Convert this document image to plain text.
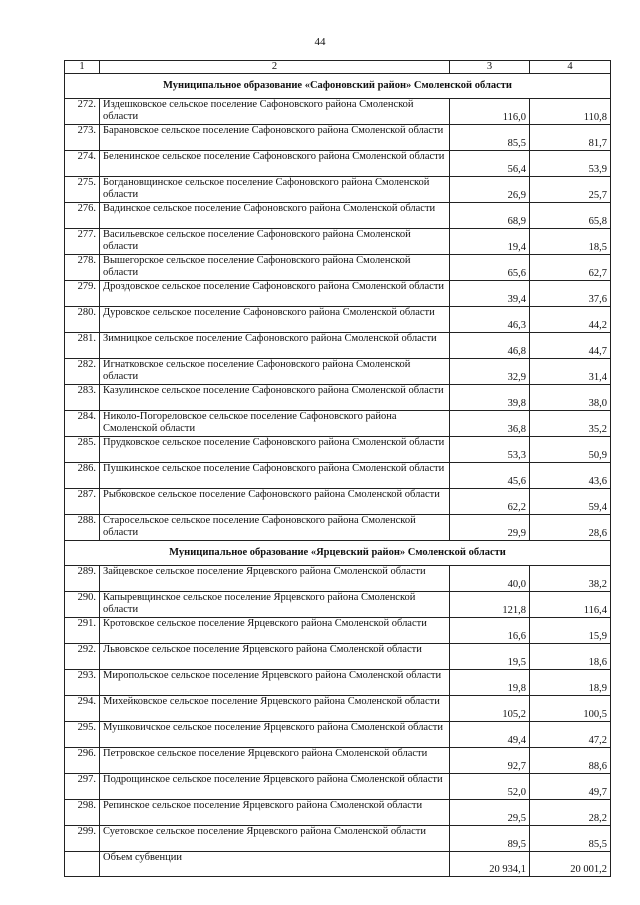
44
1	2	3	4
Муниципальное образование «Сафоновский район» Смоленской области			
272.	Издешковское сельское поселение Сафоновского района Смоленской области	116,0	110,8
273.	Барановское сельское поселение Сафоновского района Смоленской области	85,5	81,7
274.	Беленинское сельское поселение Сафоновского района Смоленской области	56,4	53,9
275.	Богдановщинское сельское поселение Сафоновского района Смоленской области	26,9	25,7
276.	Вадинское сельское поселение Сафоновского района Смоленской области	68,9	65,8
277.	Васильевское сельское поселение Сафоновского района Смоленской области	19,4	18,5
278.	Вышегорское сельское поселение Сафоновского района Смоленской области	65,6	62,7
279.	Дроздовское сельское поселение Сафоновского района Смоленской области	39,4	37,6
280.	Дуровское сельское поселение Сафоновского района Смоленской области	46,3	44,2
281.	Зимницкое сельское поселение Сафоновского района Смоленской области	46,8	44,7
282.	Игнатковское сельское поселение Сафоновского района Смоленской области	32,9	31,4
283.	Казулинское сельское поселение Сафоновского района Смоленской области	39,8	38,0
284.	Николо-Погореловское сельское поселение Сафоновского района Смоленской области	36,8	35,2
285.	Прудковское сельское поселение Сафоновского района Смоленской области	53,3	50,9
286.	Пушкинское сельское поселение Сафоновского района Смоленской области	45,6	43,6
287.	Рыбковское сельское поселение Сафоновского района Смоленской области	62,2	59,4
288.	Старосельское сельское поселение Сафоновского района Смоленской области	29,9	28,6
Муниципальное образование «Ярцевский район» Смоленской области			
289.	Зайцевское сельское поселение Ярцевского района Смоленской области	40,0	38,2
290.	Капыревщинское сельское поселение Ярцевского района Смоленской области	121,8	116,4
291.	Кротовское сельское поселение Ярцевского района Смоленской области	16,6	15,9
292.	Львовское сельское поселение Ярцевского района Смоленской области	19,5	18,6
293.	Миропольское сельское поселение Ярцевского района Смоленской области	19,8	18,9
294.	Михейковское сельское поселение Ярцевского района Смоленской области	105,2	100,5
295.	Мушковичское сельское поселение Ярцевского района Смоленской области	49,4	47,2
296.	Петровское сельское поселение Ярцевского района Смоленской области	92,7	88,6
297.	Подрощинское сельское поселение Ярцевского района Смоленской области	52,0	49,7
298.	Репинское сельское поселение Ярцевского района Смоленской области	29,5	28,2
299.	Суетовское сельское поселение Ярцевского района Смоленской области	89,5	85,5
	Объем субвенции	20 934,1	20 001,2
